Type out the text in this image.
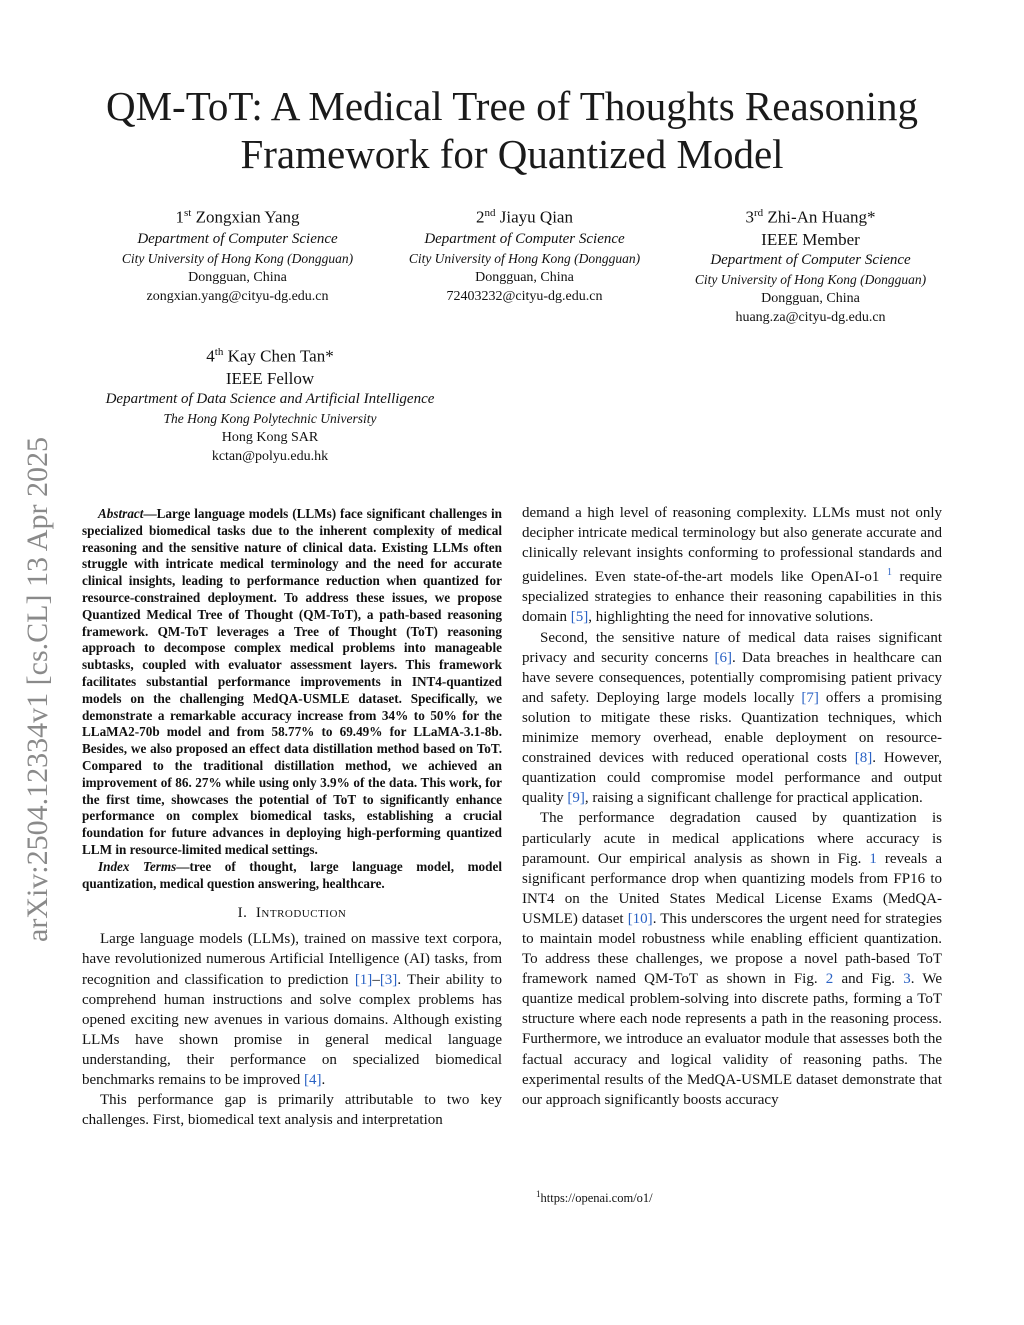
QM-ToT: A Medical Tree of Thoughts Reasoning
Framework for Quantized Model
1st Zongxian Yang
Department of Computer Science
City University of Hong Kong (Dongguan)
Dongguan, China
zongxian.yang@cityu-dg.edu.cn
2nd Jiayu Qian
Department of Computer Science
City University of Hong Kong (Dongguan)
Dongguan, China
72403232@cityu-dg.edu.cn
3rd Zhi-An Huang*
IEEE Member
Department of Computer Science
City University of Hong Kong (Dongguan)
Dongguan, China
huang.za@cityu-dg.edu.cn
4th Kay Chen Tan*
IEEE Fellow
Department of Data Science and Artificial Intelligence
The Hong Kong Polytechnic University
Hong Kong SAR
kctan@polyu.edu.hk
arXiv:2504.12334v1 [cs.CL] 13 Apr 2025	Abstract—Large language models (LLMs) face significant challenges in specialized biomedical tasks due to the inherent complexity of medical reasoning and the sensitive nature of clinical data. Existing LLMs often struggle with intricate medical terminology and the need for accurate clinical insights, leading to performance reduction when quantized for resource-constrained deployment. To address these issues, we propose Quantized Medical Tree of Thought (QM-ToT), a path-based reasoning framework. QM-ToT leverages a Tree of Thought (ToT) reasoning approach to decompose complex medical problems into manageable subtasks, coupled with evaluator assessment layers. This framework facilitates substantial performance improvements in INT4-quantized models on the challenging MedQA-USMLE dataset. Specifically, we demonstrate a remarkable accuracy increase from 34% to 50% for the LLaMA2-70b model and from 58.77% to 69.49% for LLaMA-3.1-8b. Besides, we also proposed an effect data distillation method based on ToT. Compared to the traditional distillation method, we achieved an improvement of 86. 27% while using only 3.9% of the data. This work, for the first time, showcases the potential of ToT to significantly enhance performance on complex biomedical tasks, establishing a crucial foundation for future advances in deploying high-performing quantized LLM in resource-limited medical settings.

Index Terms—tree of thought, large language model, model quantization, medical question answering, healthcare.

I. Introduction

Large language models (LLMs), trained on massive text corpora, have revolutionized numerous Artificial Intelligence (AI) tasks, from recognition and classification to prediction [1]–[3]. Their ability to comprehend human instructions and solve complex problems has opened exciting new avenues in various domains. Although existing LLMs have shown promise in general medical language understanding, their performance on specialized biomedical benchmarks remains to be improved [4].

This performance gap is primarily attributable to two key challenges. First, biomedical text analysis and interpretation

demand a high level of reasoning complexity. LLMs must not only decipher intricate medical terminology but also generate accurate and clinically relevant insights conforming to professional standards and guidelines. Even state-of-the-art models like OpenAI-o1 $^1$ require specialized strategies to enhance their reasoning capabilities in this domain [5], highlighting the need for innovative solutions.

Second, the sensitive nature of medical data raises significant privacy and security concerns [6]. Data breaches in healthcare can have severe consequences, potentially compromising patient privacy and safety. Deploying large models locally [7] offers a promising solution to mitigate these risks. Quantization techniques, which minimize memory overhead, enable deployment on resource-constrained devices with reduced operational costs [8]. However, quantization could compromise model performance and output quality [9], raising a significant challenge for practical application.

The performance degradation caused by quantization is particularly acute in medical applications where accuracy is paramount. Our empirical analysis as shown in Fig. 1 reveals a significant performance drop when quantizing models from FP16 to INT4 on the United States Medical License Exams (MedQA-USMLE) dataset [10]. This underscores the urgent need for strategies to maintain model robustness while enabling efficient quantization. To address these challenges, we propose a novel path-based ToT framework named QM-ToT as shown in Fig. 2 and Fig. 3. We quantize medical problem-solving into discrete paths, forming a ToT structure where each node represents a path in the reasoning process. Furthermore, we introduce an evaluator module that assesses both the factual accuracy and logical validity of reasoning paths. The experimental results of the MedQA-USMLE dataset demonstrate that our approach significantly boosts accuracy

$^1$https://openai.com/o1/
